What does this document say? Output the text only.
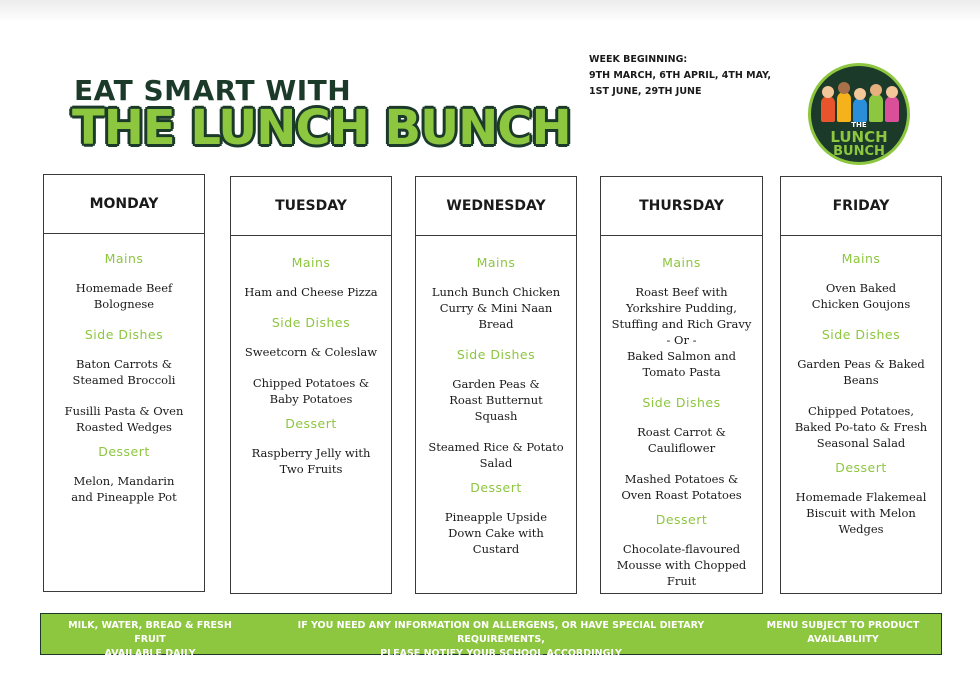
EAT SMART WITH
THE LUNCH BUNCH
WEEK BEGINNING:
9TH MARCH, 6TH APRIL, 4TH MAY,
1ST JUNE, 29TH JUNE
THE
LUNCH
BUNCH
MONDAY
Mains
Homemade Beef Bolognese
Side Dishes
Baton Carrots & Steamed Broccoli
Fusilli Pasta & Oven Roasted Wedges
Dessert
Melon, Mandarin and Pineapple Pot
TUESDAY
Mains
Ham and Cheese Pizza
Side Dishes
Sweetcorn & Coleslaw
Chipped Potatoes & Baby Potatoes
Dessert
Raspberry Jelly with Two Fruits
WEDNESDAY
Mains
Lunch Bunch Chicken Curry & Mini Naan Bread
Side Dishes
Garden Peas & Roast Butternut Squash
Steamed Rice & Potato Salad
Dessert
Pineapple Upside Down Cake with Custard
THURSDAY
Mains
Roast Beef with Yorkshire Pudding, Stuffing and Rich Gravy
- Or -
Baked Salmon and Tomato Pasta
Side Dishes
Roast Carrot & Cauliflower
Mashed Potatoes & Oven Roast Potatoes
Dessert
Chocolate-flavoured Mousse with Chopped Fruit
FRIDAY
Mains
Oven Baked Chicken Goujons
Side Dishes
Garden Peas & Baked Beans
Chipped Potatoes, Baked Po-tato & Fresh Seasonal Salad
Dessert
Homemade Flakemeal Biscuit with Melon Wedges
MILK, WATER, BREAD & FRESH FRUIT
AVAILABLE DAILY
IF YOU NEED ANY INFORMATION ON ALLERGENS, OR HAVE SPECIAL DIETARY REQUIREMENTS,
PLEASE NOTIFY YOUR SCHOOL ACCORDINGLY
MENU SUBJECT TO PRODUCT
AVAILABLIITY
